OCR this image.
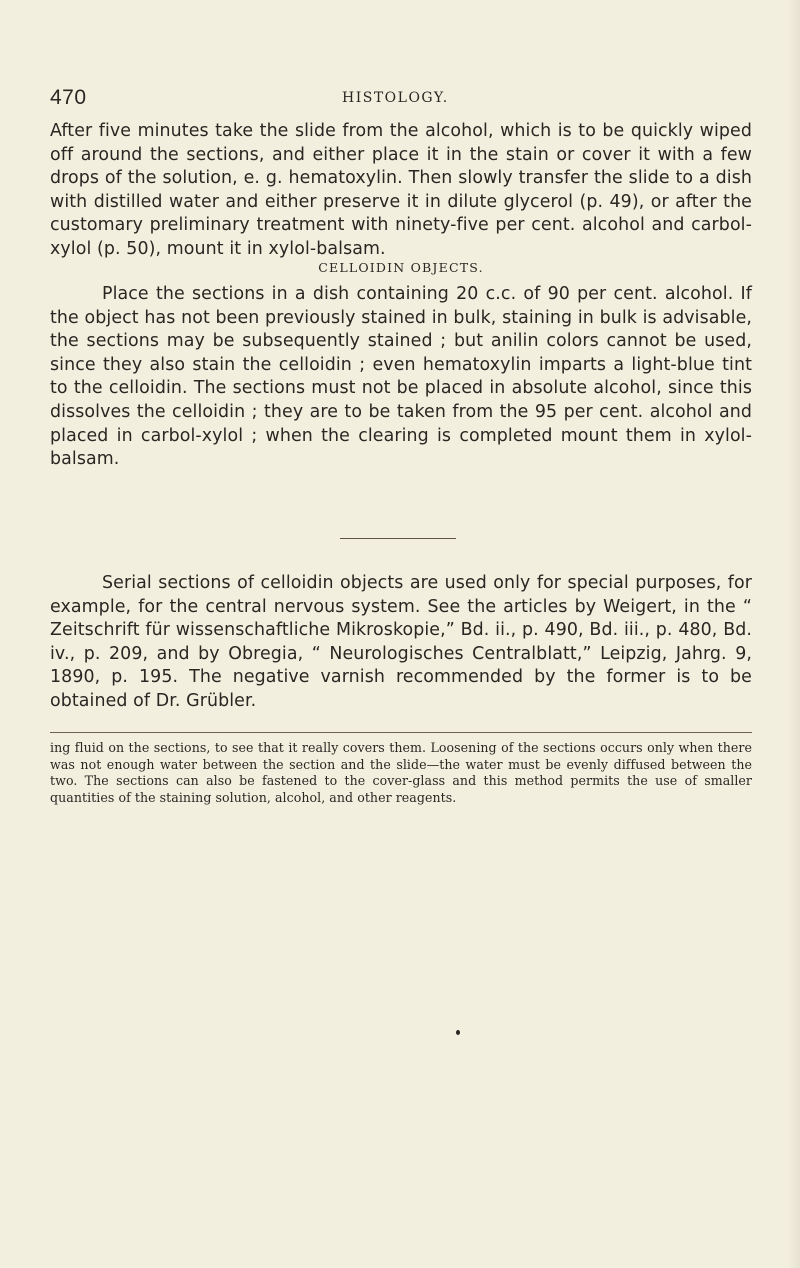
470	HISTOLOGY.

After five minutes take the slide from the alcohol, which is to be quickly wiped off around the sections, and either place it in the stain or cover it with a few drops of the solution, e. g. hematoxylin. Then slowly transfer the slide to a dish with distilled water and either preserve it in dilute glycerol (p. 49), or after the customary preliminary treatment with ninety-five per cent. alcohol and carbol-xylol (p. 50), mount it in xylol-balsam.

CELLOIDIN OBJECTS.

Place the sections in a dish containing 20 c.c. of 90 per cent. alcohol. If the object has not been previously stained in bulk, staining in bulk is advisable, the sections may be subsequently stained ; but anilin colors cannot be used, since they also stain the celloidin ; even hematoxylin imparts a light-blue tint to the celloidin. The sections must not be placed in absolute alcohol, since this dissolves the celloidin ; they are to be taken from the 95 per cent. alcohol and placed in carbol-xylol ; when the clearing is completed mount them in xylol-balsam.

Serial sections of celloidin objects are used only for special purposes, for example, for the central nervous system. See the articles by Weigert, in the “ Zeitschrift für wissenschaftliche Mikroskopie,” Bd. ii., p. 490, Bd. iii., p. 480, Bd. iv., p. 209, and by Obregia, “ Neurologisches Centralblatt,” Leipzig, Jahrg. 9, 1890, p. 195. The negative varnish recommended by the former is to be obtained of Dr. Grübler.

ing fluid on the sections, to see that it really covers them. Loosening of the sections occurs only when there was not enough water between the section and the slide—the water must be evenly diffused between the two. The sections can also be fastened to the cover-glass and this method permits the use of smaller quantities of the staining solution, alcohol, and other reagents.
